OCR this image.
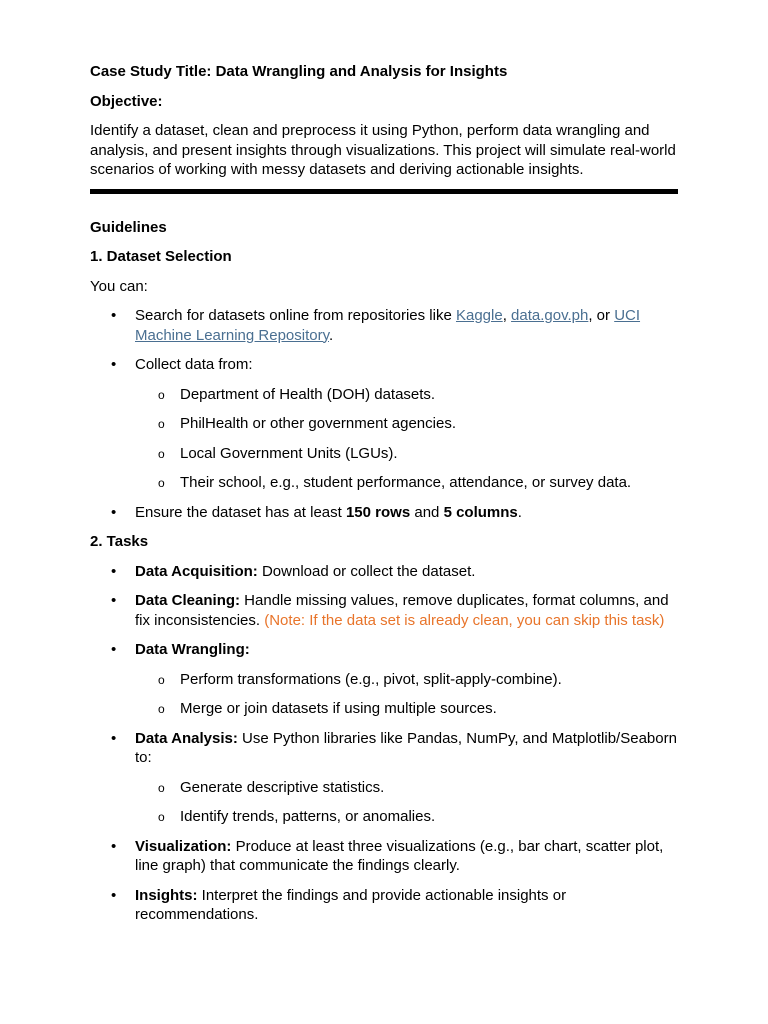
Case Study Title: Data Wrangling and Analysis for Insights

Objective:

Identify a dataset, clean and preprocess it using Python, perform data wrangling and analysis, and present insights through visualizations. This project will simulate real-world scenarios of working with messy datasets and deriving actionable insights.

Guidelines

1. Dataset Selection

You can:

• Search for datasets online from repositories like Kaggle, data.gov.ph, or UCI Machine Learning Repository.
• Collect data from:
o Department of Health (DOH) datasets.
o PhilHealth or other government agencies.
o Local Government Units (LGUs).
o Their school, e.g., student performance, attendance, or survey data.
• Ensure the dataset has at least 150 rows and 5 columns.

2. Tasks

• Data Acquisition: Download or collect the dataset.
• Data Cleaning: Handle missing values, remove duplicates, format columns, and fix inconsistencies. (Note: If the data set is already clean, you can skip this task)
• Data Wrangling:
o Perform transformations (e.g., pivot, split-apply-combine).
o Merge or join datasets if using multiple sources.
• Data Analysis: Use Python libraries like Pandas, NumPy, and Matplotlib/Seaborn to:
o Generate descriptive statistics.
o Identify trends, patterns, or anomalies.
• Visualization: Produce at least three visualizations (e.g., bar chart, scatter plot, line graph) that communicate the findings clearly.
• Insights: Interpret the findings and provide actionable insights or recommendations.
